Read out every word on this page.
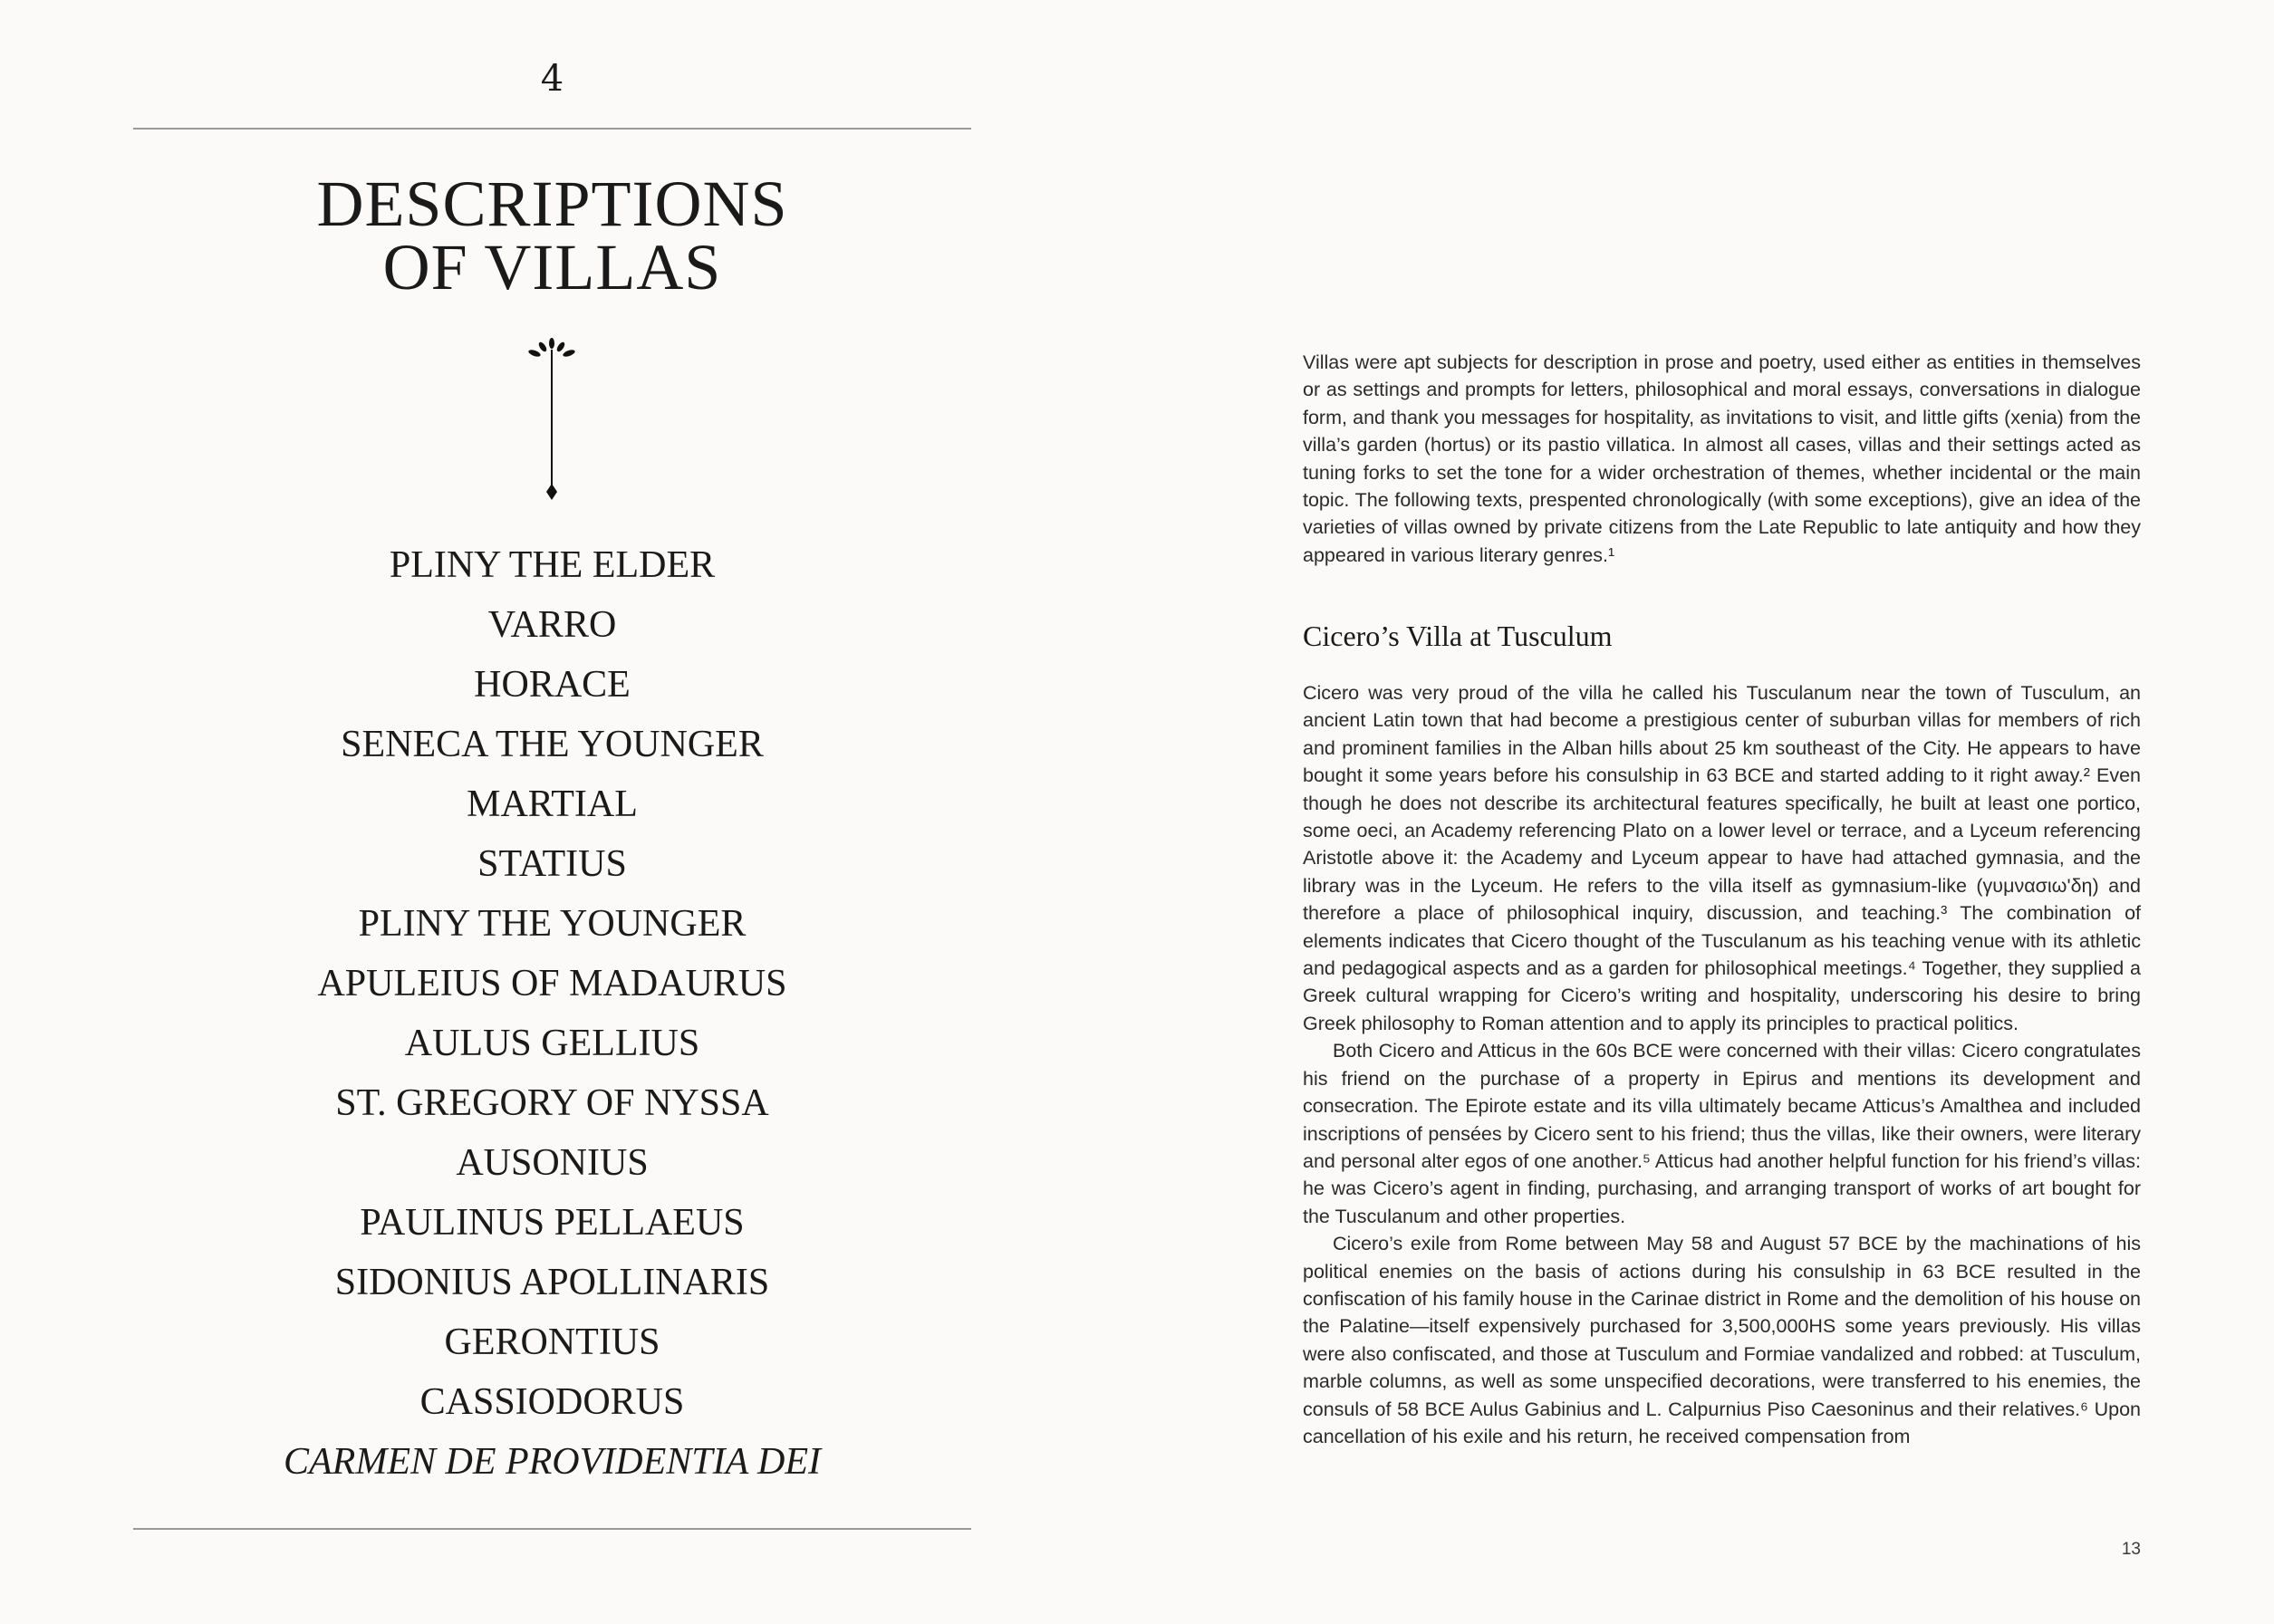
4
DESCRIPTIONS
OF VILLAS
PLINY THE ELDER
VARRO
HORACE
SENECA THE YOUNGER
MARTIAL
STATIUS
PLINY THE YOUNGER
APULEIUS OF MADAURUS
AULUS GELLIUS
ST. GREGORY OF NYSSA
AUSONIUS
PAULINUS PELLAEUS
SIDONIUS APOLLINARIS
GERONTIUS
CASSIODORUS
CARMEN DE PROVIDENTIA DEI

Villas were apt subjects for description in prose and poetry, used either as entities in themselves or as settings and prompts for letters, philosophical and moral essays, conversations in dialogue form, and thank you messages for hospitality, as invitations to visit, and little gifts (xenia) from the villa’s garden (hortus) or its pastio villatica. In almost all cases, villas and their settings acted as tuning forks to set the tone for a wider orchestration of themes, whether incidental or the main topic. The following texts, prespented chronologically (with some exceptions), give an idea of the varieties of villas owned by private citizens from the Late Republic to late antiquity and how they appeared in various literary genres.¹

Cicero’s Villa at Tusculum

Cicero was very proud of the villa he called his Tusculanum near the town of Tusculum, an ancient Latin town that had become a prestigious center of suburban villas for members of rich and prominent families in the Alban hills about 25 km southeast of the City. He appears to have bought it some years before his consulship in 63 BCE and started adding to it right away.² Even though he does not describe its architectural features specifically, he built at least one portico, some oeci, an Academy referencing Plato on a lower level or terrace, and a Lyceum referencing Aristotle above it: the Academy and Lyceum appear to have had attached gymnasia, and the library was in the Lyceum. He refers to the villa itself as gymnasium-like (γυμνασιω'δη) and therefore a place of philosophical inquiry, discussion, and teaching.³ The combination of elements indicates that Cicero thought of the Tusculanum as his teaching venue with its athletic and pedagogical aspects and as a garden for philosophical meetings.⁴ Together, they supplied a Greek cultural wrapping for Cicero’s writing and hospitality, underscoring his desire to bring Greek philosophy to Roman attention and to apply its principles to practical politics.

Both Cicero and Atticus in the 60s BCE were concerned with their villas: Cicero congratulates his friend on the purchase of a property in Epirus and mentions its development and consecration. The Epirote estate and its villa ultimately became Atticus’s Amalthea and included inscriptions of pensées by Cicero sent to his friend; thus the villas, like their owners, were literary and personal alter egos of one another.⁵ Atticus had another helpful function for his friend’s villas: he was Cicero’s agent in finding, purchasing, and arranging transport of works of art bought for the Tusculanum and other properties.

Cicero’s exile from Rome between May 58 and August 57 BCE by the machinations of his political enemies on the basis of actions during his consulship in 63 BCE resulted in the confiscation of his family house in the Carinae district in Rome and the demolition of his house on the Palatine—itself expensively purchased for 3,500,000HS some years previously. His villas were also confiscated, and those at Tusculum and Formiae vandalized and robbed: at Tusculum, marble columns, as well as some unspecified decorations, were transferred to his enemies, the consuls of 58 BCE Aulus Gabinius and L. Calpurnius Piso Caesoninus and their relatives.⁶ Upon cancellation of his exile and his return, he received compensation from

13
